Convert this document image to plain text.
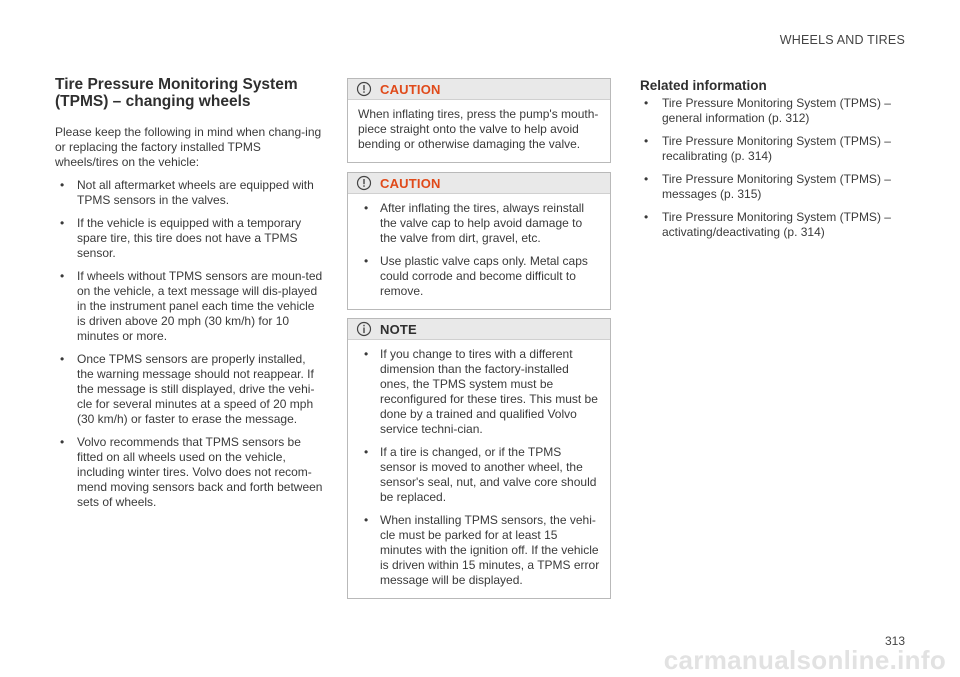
WHEELS AND TIRES
Tire Pressure Monitoring System (TPMS) – changing wheels

Please keep the following in mind when chang-ing or replacing the factory installed TPMS wheels/tires on the vehicle:

• Not all aftermarket wheels are equipped with TPMS sensors in the valves.
• If the vehicle is equipped with a temporary spare tire, this tire does not have a TPMS sensor.
• If wheels without TPMS sensors are moun-ted on the vehicle, a text message will dis-played in the instrument panel each time the vehicle is driven above 20 mph (30 km/h) for 10 minutes or more.
• Once TPMS sensors are properly installed, the warning message should not reappear. If the message is still displayed, drive the vehi-cle for several minutes at a speed of 20 mph (30 km/h) or faster to erase the message.
• Volvo recommends that TPMS sensors be fitted on all wheels used on the vehicle, including winter tires. Volvo does not recom-mend moving sensors back and forth between sets of wheels.
CAUTION

When inflating tires, press the pump's mouth-piece straight onto the valve to help avoid bending or otherwise damaging the valve.

CAUTION
• After inflating the tires, always reinstall the valve cap to help avoid damage to the valve from dirt, gravel, etc.
• Use plastic valve caps only. Metal caps could corrode and become difficult to remove.
NOTE
• If you change to tires with a different dimension than the factory-installed ones, the TPMS system must be reconfigured for these tires. This must be done by a trained and qualified Volvo service techni-cian.
• If a tire is changed, or if the TPMS sensor is moved to another wheel, the sensor's seal, nut, and valve core should be replaced.
• When installing TPMS sensors, the vehi-cle must be parked for at least 15 minutes with the ignition off. If the vehicle is driven within 15 minutes, a TPMS error message will be displayed.
Related information
• Tire Pressure Monitoring System (TPMS) – general information (p. 312)
• Tire Pressure Monitoring System (TPMS) – recalibrating (p. 314)
• Tire Pressure Monitoring System (TPMS) – messages (p. 315)
• Tire Pressure Monitoring System (TPMS) – activating/deactivating (p. 314)
313
carmanualsonline.info
